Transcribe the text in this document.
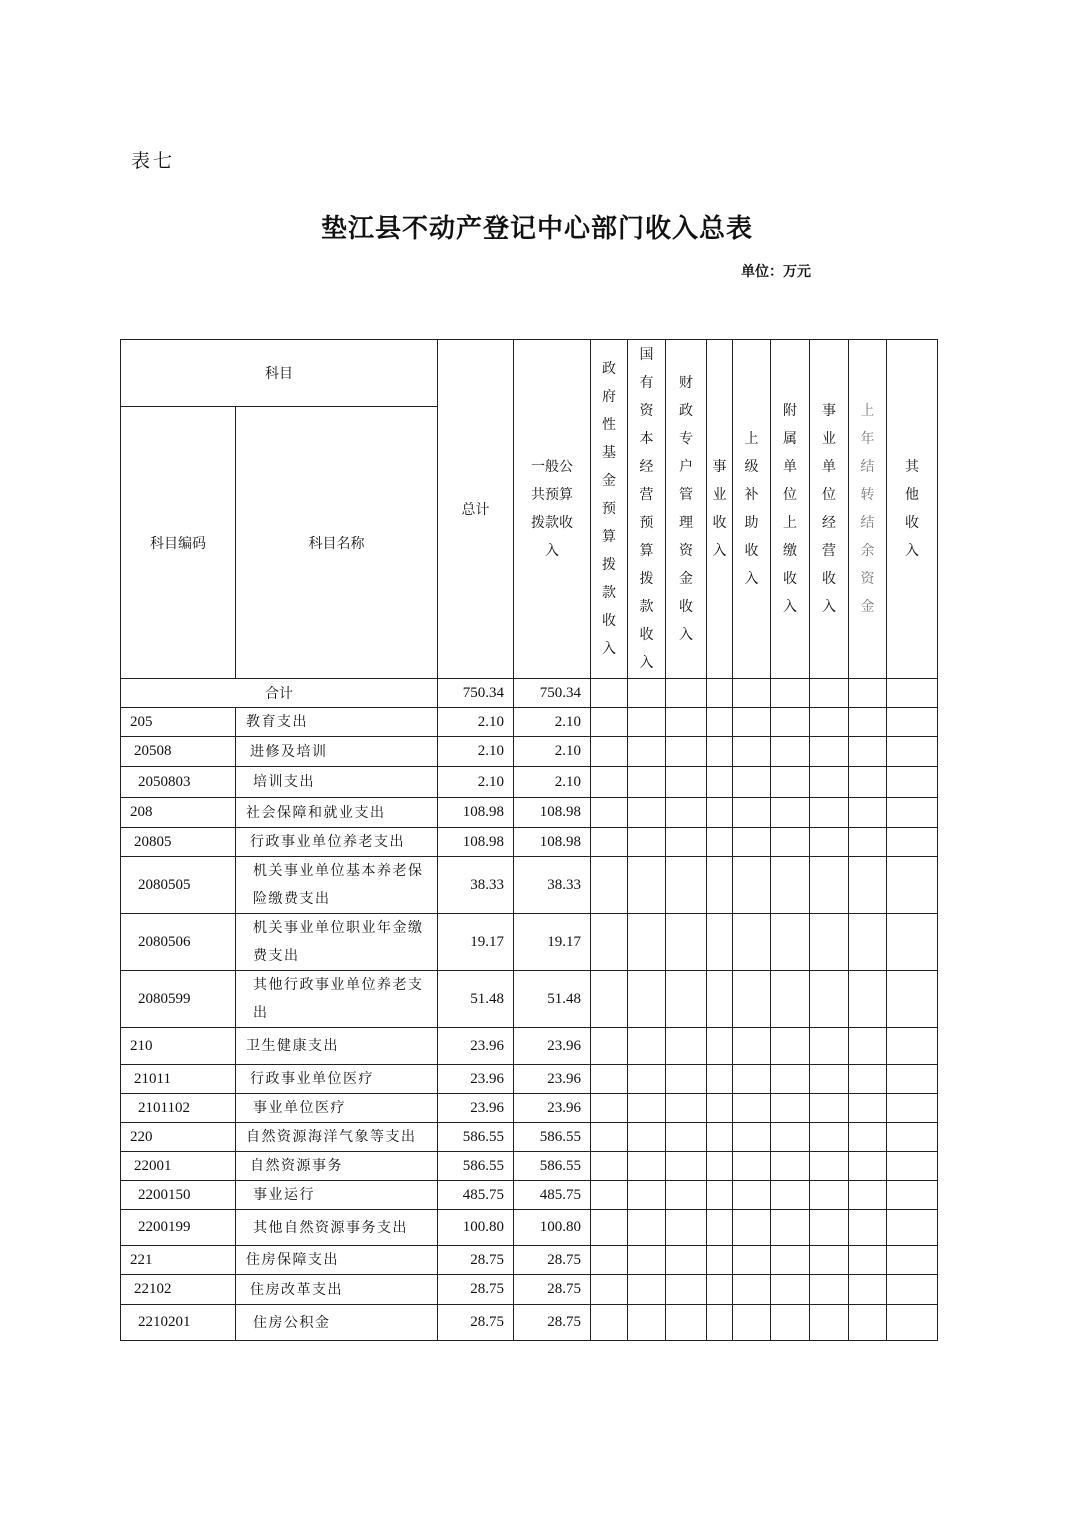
表七
垫江县不动产登记中心部门收入总表
单位：万元
科目		总计	一般公共预算拨款收入	政府性基金预算拨款收入	国有资本经营预算拨款收入	财政专户管理资金收入	事业收入	上级补助收入	附属单位上缴收入	事业单位经营收入	上年结转结余资金	其他收入
科目编码	科目名称											
合计		750.34	750.34									
205	教育支出	2.10	2.10									
20508	进修及培训	2.10	2.10									
2050803	培训支出	2.10	2.10									
208	社会保障和就业支出	108.98	108.98									
20805	行政事业单位养老支出	108.98	108.98									
2080505	机关事业单位基本养老保险缴费支出	38.33	38.33									
2080506	机关事业单位职业年金缴费支出	19.17	19.17									
2080599	其他行政事业单位养老支出	51.48	51.48									
210	卫生健康支出	23.96	23.96									
21011	行政事业单位医疗	23.96	23.96									
2101102	事业单位医疗	23.96	23.96									
220	自然资源海洋气象等支出	586.55	586.55									
22001	自然资源事务	586.55	586.55									
2200150	事业运行	485.75	485.75									
2200199	其他自然资源事务支出	100.80	100.80									
221	住房保障支出	28.75	28.75									
22102	住房改革支出	28.75	28.75									
2210201	住房公积金	28.75	28.75									
